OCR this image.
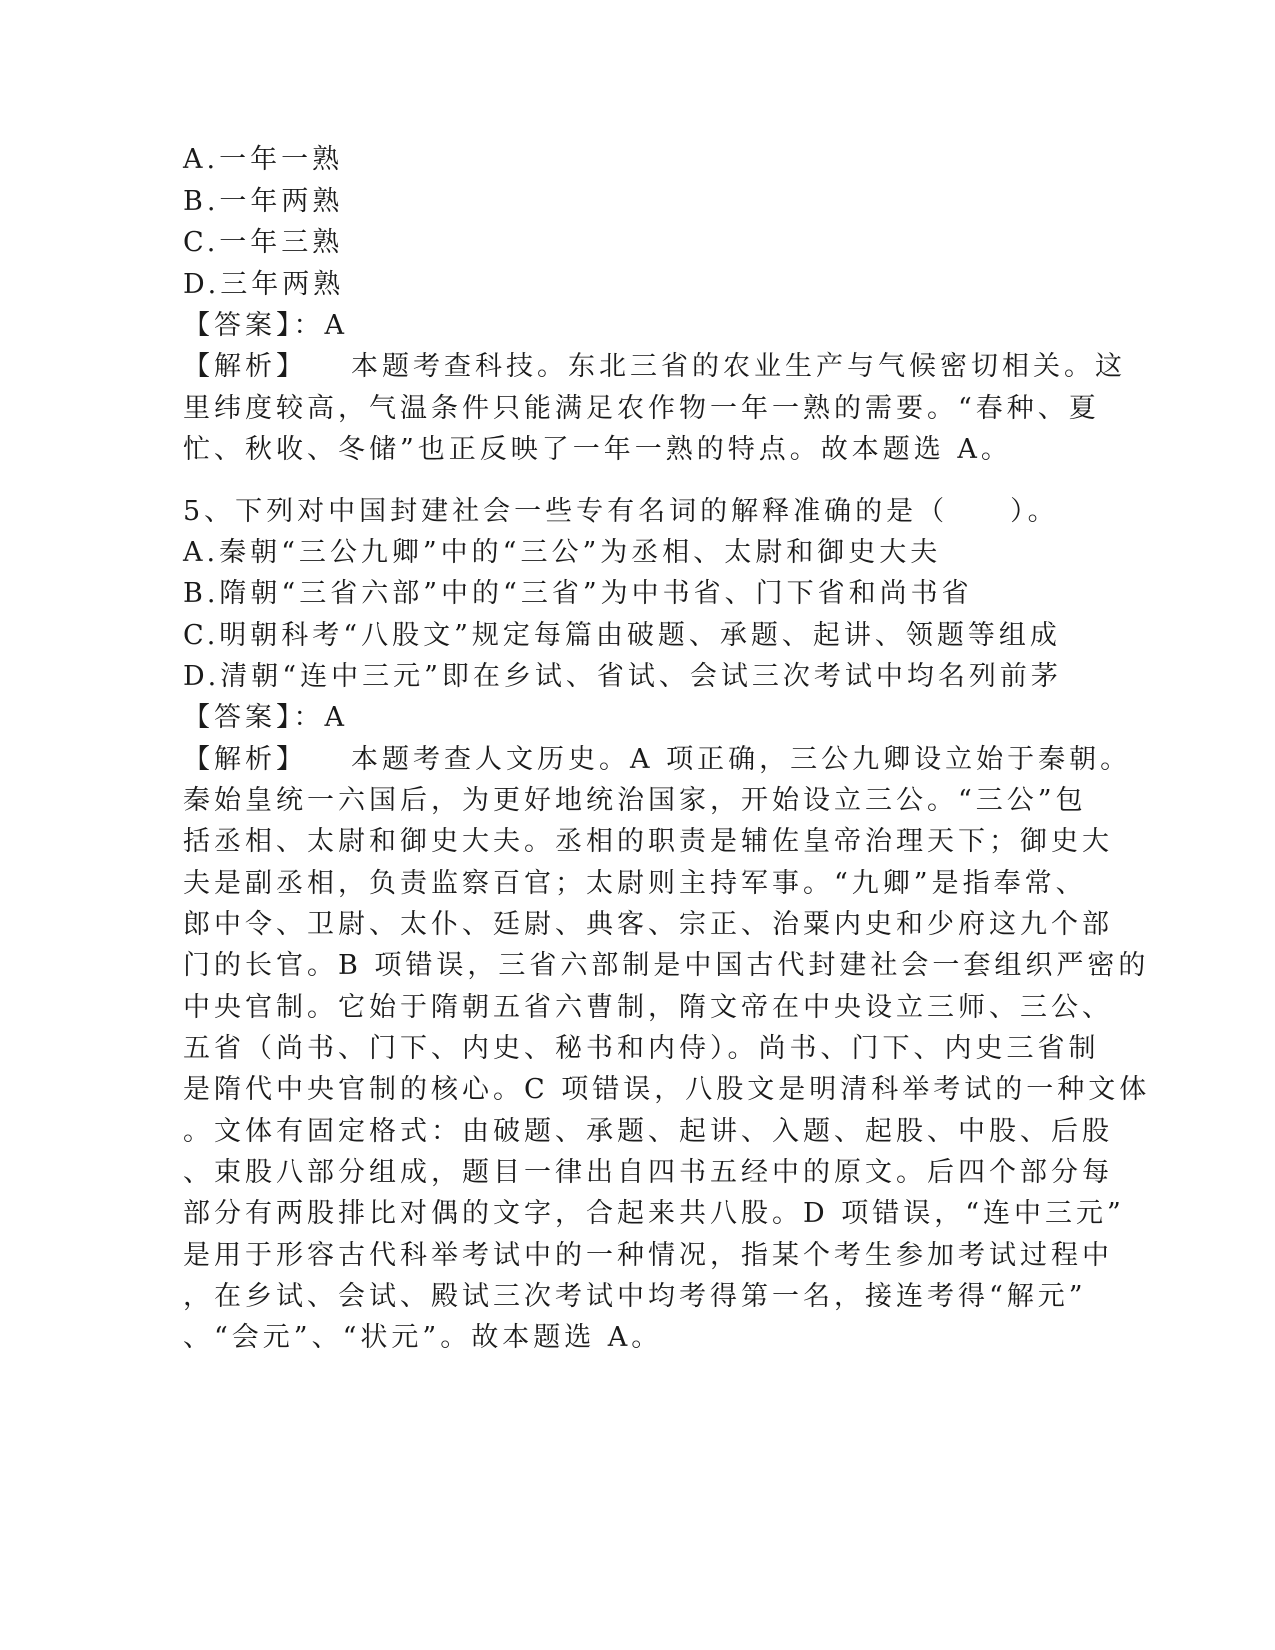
A.一年一熟
B.一年两熟
C.一年三熟
D.三年两熟
【答案】：A
【解析】 本题考查科技。东北三省的农业生产与气候密切相关。这
里纬度较高，气温条件只能满足农作物一年一熟的需要。“春种、夏
忙、秋收、冬储”也正反映了一年一熟的特点。故本题选 A。
5、下列对中国封建社会一些专有名词的解释准确的是（　　）。
A.秦朝“三公九卿”中的“三公”为丞相、太尉和御史大夫
B.隋朝“三省六部”中的“三省”为中书省、门下省和尚书省
C.明朝科考“八股文”规定每篇由破题、承题、起讲、领题等组成
D.清朝“连中三元”即在乡试、省试、会试三次考试中均名列前茅
【答案】：A
【解析】 本题考查人文历史。A 项正确，三公九卿设立始于秦朝。
秦始皇统一六国后，为更好地统治国家，开始设立三公。“三公”包
括丞相、太尉和御史大夫。丞相的职责是辅佐皇帝治理天下；御史大
夫是副丞相，负责监察百官；太尉则主持军事。“九卿”是指奉常、
郎中令、卫尉、太仆、廷尉、典客、宗正、治粟内史和少府这九个部
门的长官。B 项错误，三省六部制是中国古代封建社会一套组织严密的
中央官制。它始于隋朝五省六曹制，隋文帝在中央设立三师、三公、
五省（尚书、门下、内史、秘书和内侍）。尚书、门下、内史三省制
是隋代中央官制的核心。C 项错误，八股文是明清科举考试的一种文体
。文体有固定格式：由破题、承题、起讲、入题、起股、中股、后股
、束股八部分组成，题目一律出自四书五经中的原文。后四个部分每
部分有两股排比对偶的文字，合起来共八股。D 项错误，“连中三元”
是用于形容古代科举考试中的一种情况，指某个考生参加考试过程中
，在乡试、会试、殿试三次考试中均考得第一名，接连考得“解元”
、“会元”、“状元”。故本题选 A。
